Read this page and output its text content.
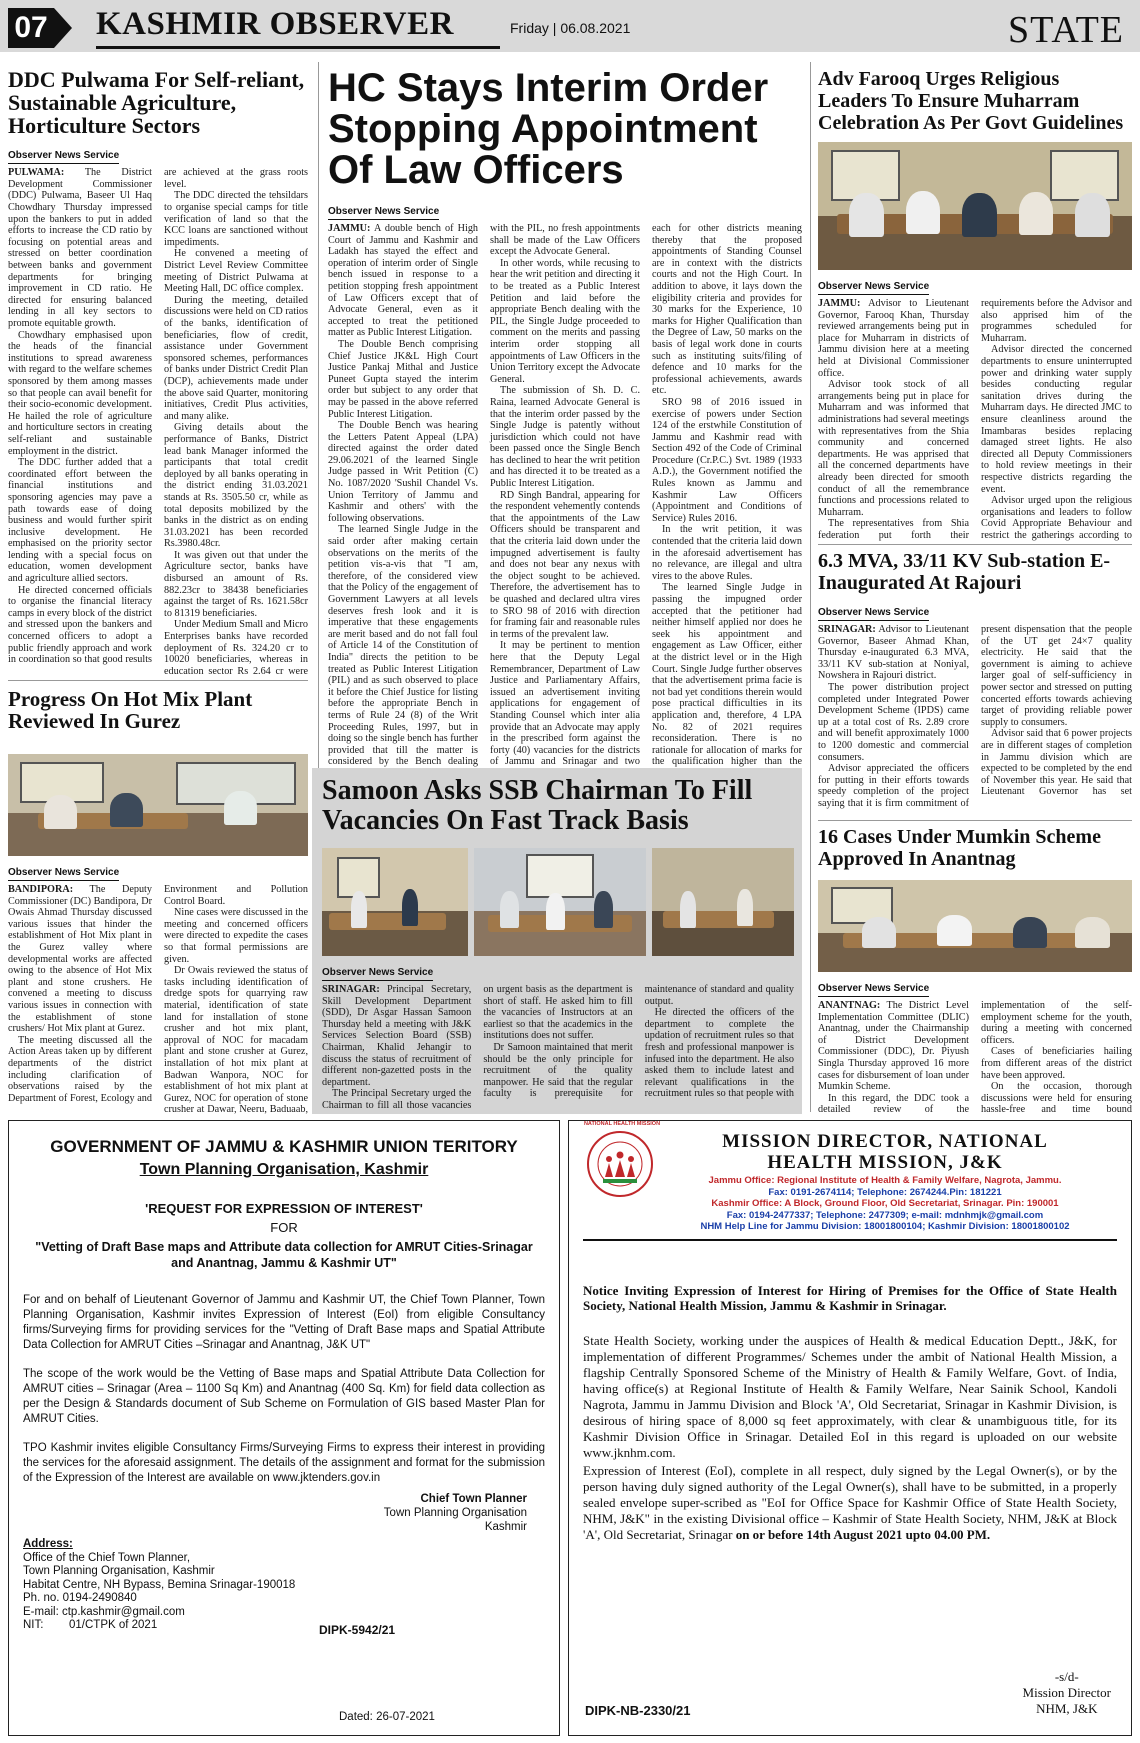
07 KASHMIR OBSERVER	Friday | 06.08.2021	STATE
DDC Pulwama For Self-reliant, Sustainable Agriculture, Horticulture Sectors
Observer News Service

PULWAMA: The District Development Commissioner (DDC) Pulwama, Baseer Ul Haq Chowdhary Thursday impressed upon the bankers to put in added efforts to increase the CD ratio by focusing on potential areas and stressed on better coordination between banks and government departments for bringing improvement in CD ratio. He directed for ensuring balanced lending in all key sectors to promote equitable growth.

Chowdhary emphasised upon the heads of the financial institutions to spread awareness with regard to the welfare schemes sponsored by them among masses so that people can avail benefit for their socio-economic development. He hailed the role of agriculture and horticulture sectors in creating self-reliant and sustainable employment in the district.

The DDC further added that a coordinated effort between the financial institutions and sponsoring agencies may pave a path towards ease of doing business and would further spirit inclusive development. He emphasised on the priority sector lending with a special focus on education, women development and agriculture allied sectors.

He directed concerned officials to organise the financial literacy camps in every block of the district and stressed upon the bankers and concerned officers to adopt a public friendly approach and work in coordination so that good results are achieved at the grass roots level.

The DDC directed the tehsildars to organise special camps for title verification of land so that the KCC loans are sanctioned without impediments.

He convened a meeting of District Level Review Committee meeting of District Pulwama at Meeting Hall, DC office complex.

During the meeting, detailed discussions were held on CD ratios of the banks, identification of beneficiaries, flow of credit, assistance under Government sponsored schemes, performances of banks under District Credit Plan (DCP), achievements made under the above said Quarter, monitoring initiatives, Credit Plus activities, and many alike.

Giving details about the performance of Banks, District lead bank Manager informed the participants that total credit deployed by all banks operating in the district ending 31.03.2021 stands at Rs. 3505.50 cr, while as total deposits mobilized by the banks in the district as on ending 31.03.2021 has been recorded Rs.3980.48cr.

It was given out that under the Agriculture sector, banks have disbursed an amount of Rs. 882.23cr to 38438 beneficiaries against the target of Rs. 1621.58cr to 81319 beneficiaries.

Under Medium Small and Micro Enterprises banks have recorded deployment of Rs. 324.20 cr to 10020 beneficiaries, whereas in education sector Rs 2.64 cr were

Progress On Hot Mix Plant Reviewed In Gurez
Observer News Service

BANDIPORA: The Deputy Commissioner (DC) Bandipora, Dr Owais Ahmad Thursday discussed various issues that hinder the establishment of Hot Mix plant in the Gurez valley where developmental works are affected owing to the absence of Hot Mix plant and stone crushers. He convened a meeting to discuss various issues in connection with the establishment of stone crushers/ Hot Mix plant at Gurez.

The meeting discussed all the Action Areas taken up by different departments of the district including clarification of observations raised by the Department of Forest, Ecology and Environment and Pollution Control Board.

Nine cases were discussed in the meeting and concerned officers were directed to expedite the cases so that formal permissions are given.

Dr Owais reviewed the status of tasks including identification of dredge spots for quarrying raw material, identification of state land for installation of stone crusher and hot mix plant, approval of NOC for macadam plant and stone crusher at Gurez, installation of hot mix plant at Badwan Wanpora, NOC for establishment of hot mix plant at Gurez, NOC for operation of stone crusher at Dawar, Neeru, Baduaab,

HC Stays Interim Order Stopping Appointment Of Law Officers
Observer News Service

JAMMU: A double bench of High Court of Jammu and Kashmir and Ladakh has stayed the effect and operation of interim order of Single bench issued in response to a petition stopping fresh appointment of Law Officers except that of Advocate General, even as it accepted to treat the petitioned matter as Public Interest Litigation.

The Double Bench comprising Chief Justice JK&L High Court Justice Pankaj Mithal and Justice Puneet Gupta stayed the interim order but subject to any order that may be passed in the above referred Public Interest Litigation.

The Double Bench was hearing the Letters Patent Appeal (LPA) directed against the order dated 29.06.2021 of the learned Single Judge passed in Writ Petition (C) No. 1087/2020 'Sushil Chandel Vs. Union Territory of Jammu and Kashmir and others' with the following observations.

The learned Single Judge in the said order after making certain observations on the merits of the petition vis-a-vis that "I am, therefore, of the considered view that the Policy of the engagement of Government Lawyers at all levels deserves fresh look and it is imperative that these engagements are merit based and do not fall foul of Article 14 of the Constitution of India" directs the petition to be treated as Public Interest Litigation (PIL) and as such observed to place it before the Chief Justice for listing before the appropriate Bench in terms of Rule 24 (8) of the Writ Proceeding Rules, 1997, but in doing so the single bench has further provided that till the matter is considered by the Bench dealing with the PIL, no fresh appointments shall be made of the Law Officers except the Advocate General.

In other words, while recusing to hear the writ petition and directing it to be treated as a Public Interest Petition and laid before the appropriate Bench dealing with the PIL, the Single Judge proceeded to comment on the merits and passing interim order stopping all appointments of Law Officers in the Union Territory except the Advocate General.

The submission of Sh. D. C. Raina, learned Advocate General is that the interim order passed by the Single Judge is patently without jurisdiction which could not have been passed once the Single Bench has declined to hear the writ petition and has directed it to be treated as a Public Interest Litigation.

RD Singh Bandral, appearing for the respondent vehemently contends that the appointments of the Law Officers should be transparent and that the criteria laid down under the impugned advertisement is faulty and does not bear any nexus with the object sought to be achieved. Therefore, the advertisement has to be quashed and declared ultra vires to SRO 98 of 2016 with direction for framing fair and reasonable rules in terms of the prevalent law.

It may be pertinent to mention here that the Deputy Legal Remembrancer, Department of Law Justice and Parliamentary Affairs, issued an advertisement inviting applications for engagement of Standing Counsel which inter alia provide that an Advocate may apply in the prescribed form against the forty (40) vacancies for the districts of Jammu and Srinagar and two each for other districts meaning thereby that the proposed appointments of Standing Counsel are in context with the districts courts and not the High Court. In addition to above, it lays down the eligibility criteria and provides for 30 marks for the Experience, 10 marks for Higher Qualification than the Degree of Law, 50 marks on the basis of legal work done in courts such as instituting suits/filing of defence and 10 marks for the professional achievements, awards etc.

SRO 98 of 2016 issued in exercise of powers under Section 124 of the erstwhile Constitution of Jammu and Kashmir read with Section 492 of the Code of Criminal Procedure (Cr.P.C.) Svt. 1989 (1933 A.D.), the Government notified the Rules known as Jammu and Kashmir Law Officers (Appointment and Conditions of Service) Rules 2016.

In the writ petition, it was contended that the criteria laid down in the aforesaid advertisement has no relevance, are illegal and ultra vires to the above Rules.

The learned Single Judge in passing the impugned order accepted that the petitioner had neither himself applied nor does he seek his appointment and engagement as Law Officer, either at the district level or in the High Court. Single Judge further observes that the advertisement prima facie is not bad yet conditions therein would pose practical difficulties in its application and, therefore, 4 LPA No. 82 of 2021 requires reconsideration. There is no rationale for allocation of marks for the qualification higher than the

Samoon Asks SSB Chairman To Fill Vacancies On Fast Track Basis
Observer News Service

SRINAGAR: Principal Secretary, Skill Development Department (SDD), Dr Asgar Hassan Samoon Thursday held a meeting with J&K Services Selection Board (SSB) Chairman, Khalid Jehangir to discuss the status of recruitment of different non-gazetted posts in the department.

The Principal Secretary urged the Chairman to fill all those vacancies on urgent basis as the department is short of staff. He asked him to fill the vacancies of Instructors at an earliest so that the academics in the institutions does not suffer.

Dr Samoon maintained that merit should be the only principle for recruitment of the quality manpower. He said that the regular faculty is prerequisite for maintenance of standard and quality output.

He directed the officers of the department to complete the updation of recruitment rules so that fresh and professional manpower is infused into the department. He also asked them to include latest and relevant qualifications in the recruitment rules so that people with

Adv Farooq Urges Religious Leaders To Ensure Muharram Celebration As Per Govt Guidelines
Observer News Service

JAMMU: Advisor to Lieutenant Governor, Farooq Khan, Thursday reviewed arrangements being put in place for Muharram in districts of Jammu division here at a meeting held at Divisional Commissioner office.

Advisor took stock of all arrangements being put in place for Muharram and was informed that administrations had several meetings with representatives from the Shia community and concerned departments. He was apprised that all the concerned departments have already been directed for smooth conduct of all the remembrance functions and processions related to Muharram.

The representatives from Shia federation put forth their requirements before the Advisor and also apprised him of the programmes scheduled for Muharram.

Advisor directed the concerned departments to ensure uninterrupted power and drinking water supply besides conducting regular sanitation drives during the Muharram days. He directed JMC to ensure cleanliness around the Imambaras besides replacing damaged street lights. He also directed all Deputy Commissioners to hold review meetings in their respective districts regarding the event.

Advisor urged upon the religious organisations and leaders to follow Covid Appropriate Behaviour and restrict the gatherings according to

6.3 MVA, 33/11 KV Sub-station E-Inaugurated At Rajouri
Observer News Service

SRINAGAR: Advisor to Lieutenant Governor, Baseer Ahmad Khan, Thursday e-inaugurated 6.3 MVA, 33/11 KV sub-station at Noniyal, Nowshera in Rajouri district.

The power distribution project completed under Integrated Power Development Scheme (IPDS) came up at a total cost of Rs. 2.89 crore and will benefit approximately 1000 to 1200 domestic and commercial consumers.

Advisor appreciated the officers for putting in their efforts towards speedy completion of the project saying that it is firm commitment of present dispensation that the people of the UT get 24×7 quality electricity. He said that the government is aiming to achieve larger goal of self-sufficiency in power sector and stressed on putting concerted efforts towards achieving target of providing reliable power supply to consumers.

Advisor said that 6 power projects are in different stages of completion in Jammu division which are expected to be completed by the end of November this year. He said that Lieutenant Governor has set

16 Cases Under Mumkin Scheme Approved In Anantnag
Observer News Service

ANANTNAG: The District Level Implementation Committee (DLIC) Anantnag, under the Chairmanship of District Development Commissioner (DDC), Dr. Piyush Singla Thursday approved 16 more cases for disbursement of loan under Mumkin Scheme.

In this regard, the DDC took a detailed review of the implementation of the self-employment scheme for the youth, during a meeting with concerned officers.

Cases of beneficiaries hailing from different areas of the district have been approved.

On the occasion, thorough discussions were held for ensuring hassle-free and time bound

GOVERNMENT OF JAMMU & KASHMIR UNION TERITORY
Town Planning Organisation, Kashmir
'REQUEST FOR EXPRESSION OF INTEREST'
FOR
"Vetting of Draft Base maps and Attribute data collection for AMRUT Cities-Srinagar and Anantnag, Jammu & Kashmir UT"
For and on behalf of Lieutenant Governor of Jammu and Kashmir UT, the Chief Town Planner, Town Planning Organisation, Kashmir invites Expression of Interest (EoI) from eligible Consultancy firms/Surveying firms for providing services for the "Vetting of Draft Base maps and Spatial Attribute Data Collection for AMRUT Cities –Srinagar and Anantnag, J&K UT"
The scope of the work would be the Vetting of Base maps and Spatial Attribute Data Collection for AMRUT cities – Srinagar (Area – 1100 Sq Km) and Anantnag (400 Sq. Km) for field data collection as per the Design & Standards document of Sub Scheme on Formulation of GIS based Master Plan for AMRUT Cities.
TPO Kashmir invites eligible Consultancy Firms/Surveying Firms to express their interest in providing the services for the aforesaid assignment. The details of the assignment and format for the submission of the Expression of the Interest are available on www.jktenders.gov.in
Chief Town Planner
Town Planning Organisation
Kashmir
Address:
Office of the Chief Town Planner,
Town Planning Organisation, Kashmir
Habitat Centre, NH Bypass, Bemina Srinagar-190018
Ph. no. 0194-2490840
E-mail: ctp.kashmir@gmail.com
NIT:        01/CTPK of 2021	DIPK-5942/21
Dated: 26-07-2021
NATIONAL HEALTH MISSION
MISSION DIRECTOR, NATIONAL
HEALTH MISSION, J&K
Jammu Office: Regional Institute of Health & Family Welfare, Nagrota, Jammu.
Fax: 0191-2674114; Telephone: 2674244.Pin: 181221
Kashmir Office: A Block, Ground Floor, Old Secretariat, Srinagar. Pin: 190001
Fax: 0194-2477337; Telephone: 2477309; e-mail: mdnhmjk@gmail.com
NHM Help Line for Jammu Division: 18001800104; Kashmir Division: 18001800102
Notice Inviting Expression of Interest for Hiring of Premises for the Office of State Health Society, National Health Mission, Jammu & Kashmir in Srinagar.
State Health Society, working under the auspices of Health & medical Education Deptt., J&K, for implementation of different Programmes/ Schemes under the ambit of National Health Mission, a flagship Centrally Sponsored Scheme of the Ministry of Health & Family Welfare, Govt. of India, having office(s) at Regional Institute of Health & Family Welfare, Near Sainik School, Kandoli Nagrota, Jammu in Jammu Division and Block 'A', Old Secretariat, Srinagar in Kashmir Division, is desirous of hiring space of 8,000 sq feet approximately, with clear & unambiguous title, for its Kashmir Division Office in Srinagar. Detailed EoI in this regard is uploaded on our website www.jknhm.com.
Expression of Interest (EoI), complete in all respect, duly signed by the Legal Owner(s), or by the person having duly signed authority of the Legal Owner(s), shall have to be submitted, in a properly sealed envelope super-scribed as "EoI for Office Space for Kashmir Office of State Health Society, NHM, J&K" in the existing Divisional office – Kashmir of State Health Society, NHM, J&K at Block 'A', Old Secretariat, Srinagar on or before 14th August 2021 upto 04.00 PM.
-s/d-
Mission Director
NHM, J&K
DIPK-NB-2330/21
